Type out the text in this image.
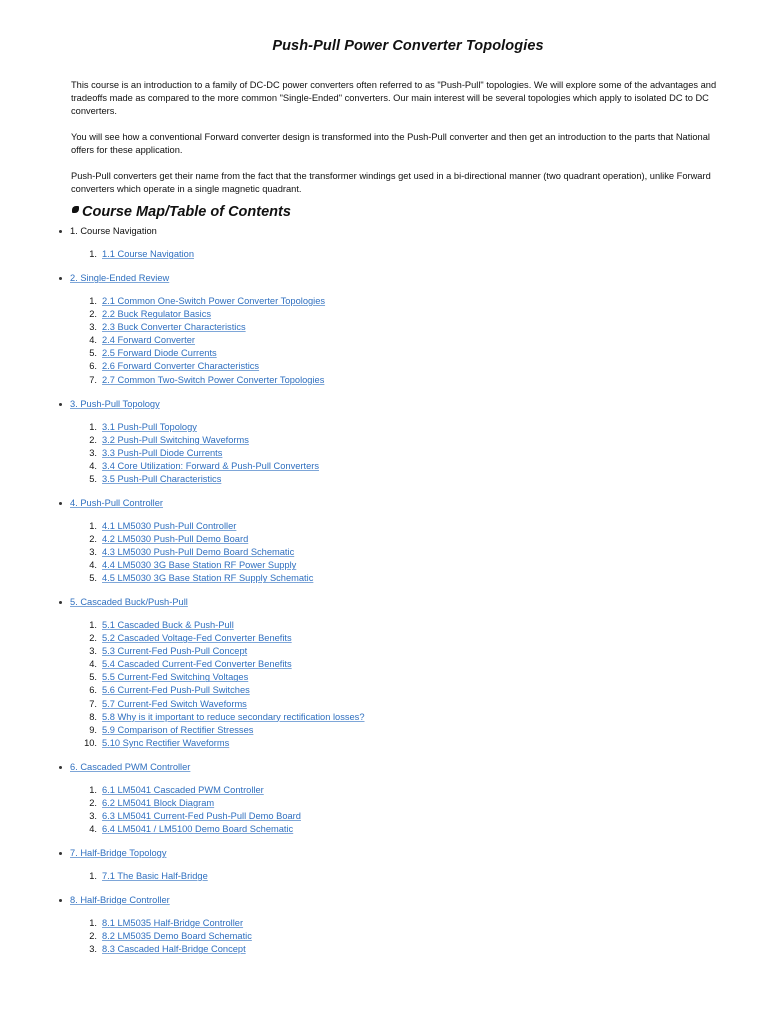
Push-Pull Power Converter Topologies

This course is an introduction to a family of DC-DC power converters often referred to as "Push-Pull" topologies. We will explore some of the advantages and tradeoffs made as compared to the more common "Single-Ended" converters. Our main interest will be several topologies which apply to isolated DC to DC converters.

You will see how a conventional Forward converter design is transformed into the Push-Pull converter and then get an introduction to the parts that National offers for these application.

Push-Pull converters get their name from the fact that the transformer windings get used in a bi-directional manner (two quadrant operation), unlike Forward converters which operate in a single magnetic quadrant.

Course Map/Table of Contents
1. Course Navigation
1. 1.1 Course Navigation
2. Single-Ended Review
1. 2.1 Common One-Switch Power Converter Topologies
2. 2.2 Buck Regulator Basics
3. 2.3 Buck Converter Characteristics
4. 2.4 Forward Converter
5. 2.5 Forward Diode Currents
6. 2.6 Forward Converter Characteristics
7. 2.7 Common Two-Switch Power Converter Topologies
3. Push-Pull Topology
1. 3.1 Push-Pull Topology
2. 3.2 Push-Pull Switching Waveforms
3. 3.3 Push-Pull Diode Currents
4. 3.4 Core Utilization: Forward & Push-Pull Converters
5. 3.5 Push-Pull Characteristics
4. Push-Pull Controller
1. 4.1 LM5030 Push-Pull Controller
2. 4.2 LM5030 Push-Pull Demo Board
3. 4.3 LM5030 Push-Pull Demo Board Schematic
4. 4.4 LM5030 3G Base Station RF Power Supply
5. 4.5 LM5030 3G Base Station RF Supply Schematic
5. Cascaded Buck/Push-Pull
1. 5.1 Cascaded Buck & Push-Pull
2. 5.2 Cascaded Voltage-Fed Converter Benefits
3. 5.3 Current-Fed Push-Pull Concept
4. 5.4 Cascaded Current-Fed Converter Benefits
5. 5.5 Current-Fed Switching Voltages
6. 5.6 Current-Fed Push-Pull Switches
7. 5.7 Current-Fed Switch Waveforms
8. 5.8 Why is it important to reduce secondary rectification losses?
9. 5.9 Comparison of Rectifier Stresses
10. 5.10 Sync Rectifier Waveforms
6. Cascaded PWM Controller
1. 6.1 LM5041 Cascaded PWM Controller
2. 6.2 LM5041 Block Diagram
3. 6.3 LM5041 Current-Fed Push-Pull Demo Board
4. 6.4 LM5041 / LM5100 Demo Board Schematic
7. Half-Bridge Topology
1. 7.1 The Basic Half-Bridge
8. Half-Bridge Controller
1. 8.1 LM5035 Half-Bridge Controller
2. 8.2 LM5035 Demo Board Schematic
3. 8.3 Cascaded Half-Bridge Concept
